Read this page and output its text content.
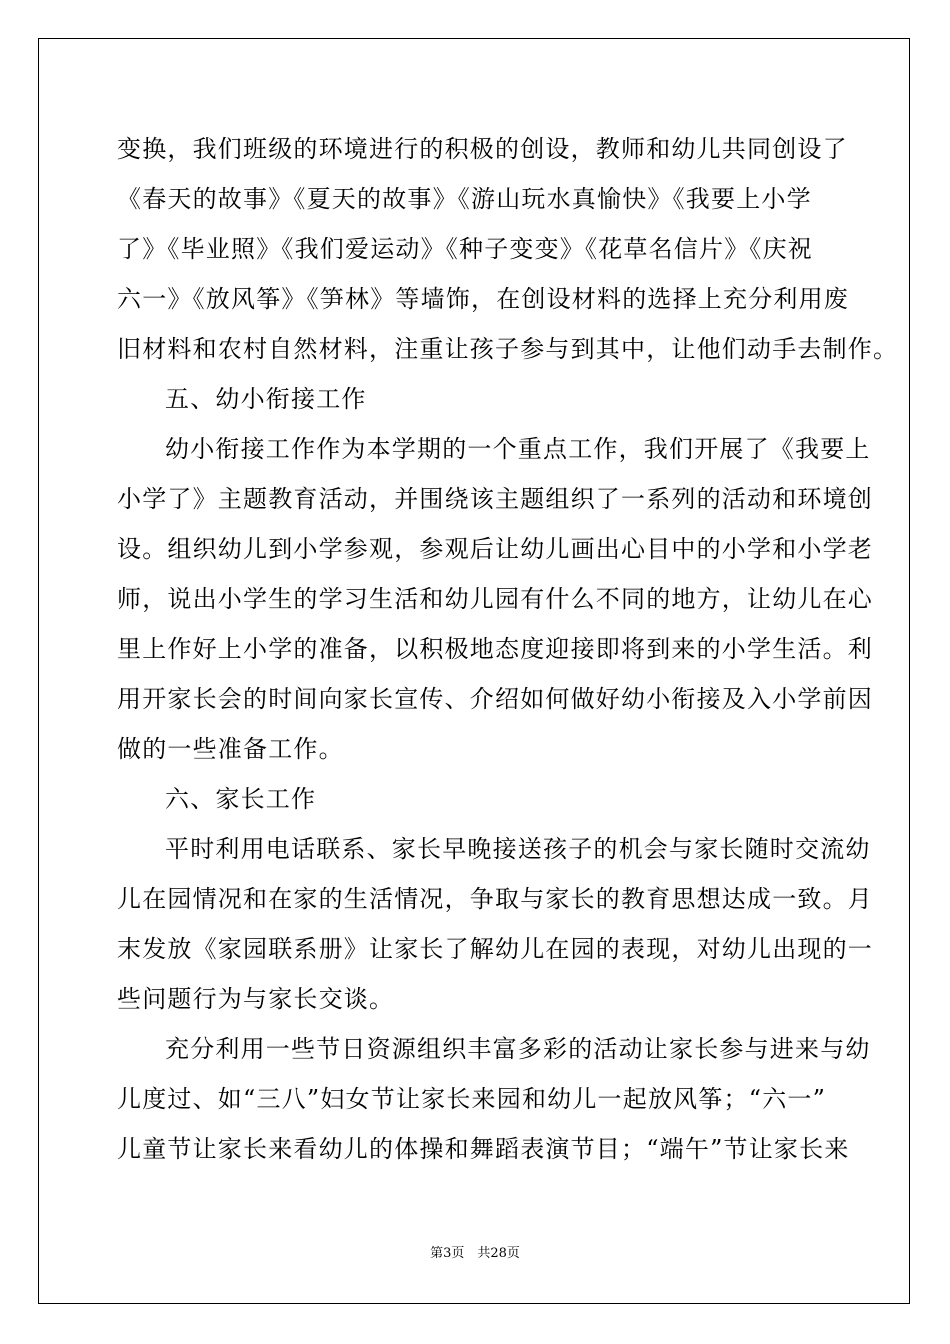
变换，我们班级的环境进行的积极的创设，教师和幼儿共同创设了
《春天的故事》《夏天的故事》《游山玩水真愉快》《我要上小学
了》《毕业照》《我们爱运动》《种子变变》《花草名信片》《庆祝
六一》《放风筝》《笋林》等墙饰，在创设材料的选择上充分利用废
旧材料和农村自然材料，注重让孩子参与到其中，让他们动手去制作。
五、幼小衔接工作
幼小衔接工作作为本学期的一个重点工作，我们开展了《我要上
小学了》主题教育活动，并围绕该主题组织了一系列的活动和环境创
设。组织幼儿到小学参观，参观后让幼儿画出心目中的小学和小学老
师，说出小学生的学习生活和幼儿园有什么不同的地方，让幼儿在心
里上作好上小学的准备，以积极地态度迎接即将到来的小学生活。利
用开家长会的时间向家长宣传、介绍如何做好幼小衔接及入小学前因
做的一些准备工作。
六、家长工作
平时利用电话联系、家长早晚接送孩子的机会与家长随时交流幼
儿在园情况和在家的生活情况，争取与家长的教育思想达成一致。月
末发放《家园联系册》让家长了解幼儿在园的表现，对幼儿出现的一
些问题行为与家长交谈。
充分利用一些节日资源组织丰富多彩的活动让家长参与进来与幼
儿度过、如“三八”妇女节让家长来园和幼儿一起放风筝；“六一”
儿童节让家长来看幼儿的体操和舞蹈表演节目；“端午”节让家长来
第3页　共28页
